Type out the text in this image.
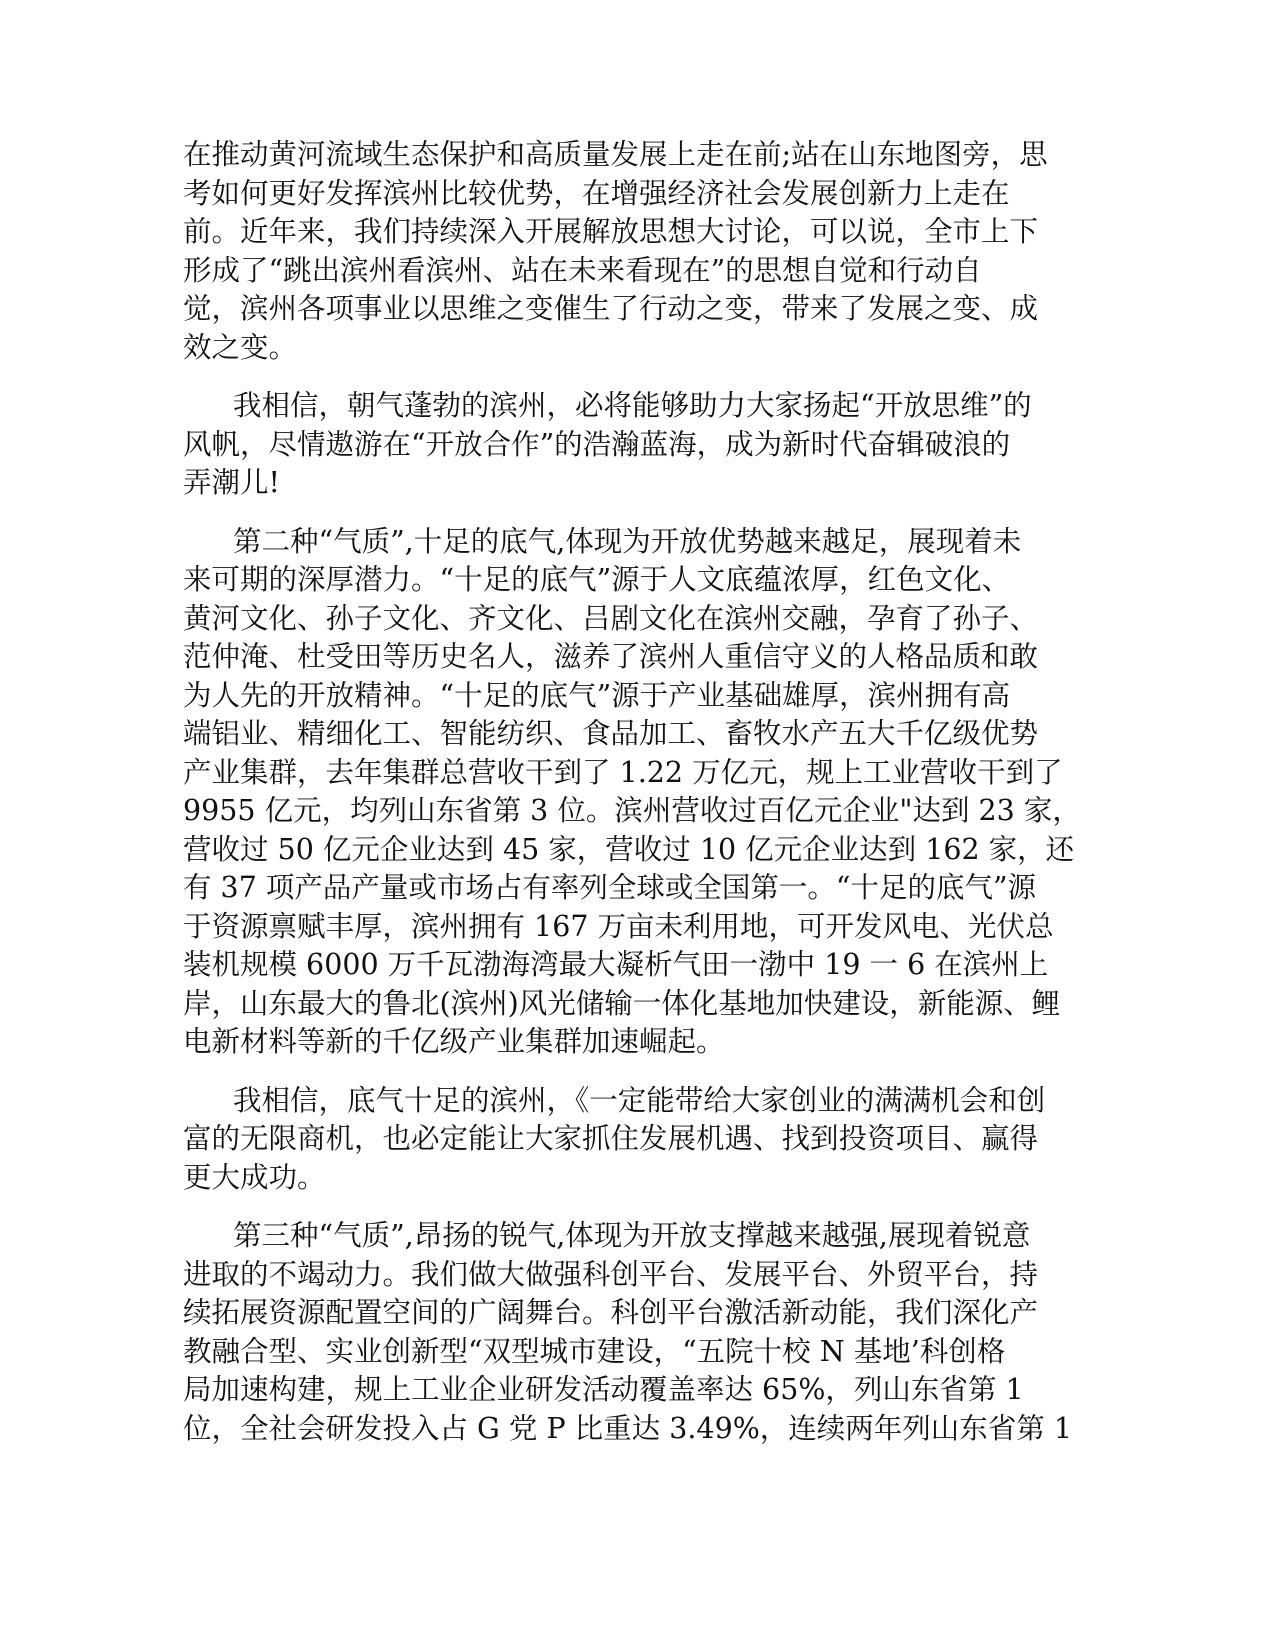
在推动黄河流域生态保护和高质量发展上走在前;站在山东地图旁，思
考如何更好发挥滨州比较优势，在增强经济社会发展创新力上走在
前。近年来，我们持续深入开展解放思想大讨论，可以说，全市上下
形成了“跳出滨州看滨州、站在未来看现在”的思想自觉和行动自
觉，滨州各项事业以思维之变催生了行动之变，带来了发展之变、成
效之变。
我相信，朝气蓬勃的滨州，必将能够助力大家扬起“开放思维”的
风帆，尽情遨游在“开放合作”的浩瀚蓝海，成为新时代奋辑破浪的
弄潮儿!
第二种“气质”,十足的底气,体现为开放优势越来越足，展现着未
来可期的深厚潜力。“十足的底气”源于人文底蕴浓厚，红色文化、
黄河文化、孙子文化、齐文化、吕剧文化在滨州交融，孕育了孙子、
范仲淹、杜受田等历史名人，滋养了滨州人重信守义的人格品质和敢
为人先的开放精神。“十足的底气”源于产业基础雄厚，滨州拥有高
端铝业、精细化工、智能纺织、食品加工、畜牧水产五大千亿级优势
产业集群，去年集群总营收干到了 1.22 万亿元，规上工业营收干到了
9955 亿元，均列山东省第 3 位。滨州营收过百亿元企业"达到 23 家，
营收过 50 亿元企业达到 45 家，营收过 10 亿元企业达到 162 家，还
有 37 项产品产量或市场占有率列全球或全国第一。“十足的底气”源
于资源禀赋丰厚，滨州拥有 167 万亩未利用地，可开发风电、光伏总
装机规模 6000 万千瓦渤海湾最大凝析气田一渤中 19 一 6 在滨州上
岸，山东最大的鲁北(滨州)风光储输一体化基地加快建设，新能源、鲤
电新材料等新的千亿级产业集群加速崛起。
我相信，底气十足的滨州，《一定能带给大家创业的满满机会和创
富的无限商机，也必定能让大家抓住发展机遇、找到投资项目、赢得
更大成功。
第三种“气质”,昂扬的锐气,体现为开放支撑越来越强,展现着锐意
进取的不竭动力。我们做大做强科创平台、发展平台、外贸平台，持
续拓展资源配置空间的广阔舞台。科创平台激活新动能，我们深化产
教融合型、实业创新型“双型城市建设，“五院十校 N 基地’科创格
局加速构建，规上工业企业研发活动覆盖率达 65%，列山东省第 1
位，全社会研发投入占 G 党 P 比重达 3.49%，连续两年列山东省第 1
